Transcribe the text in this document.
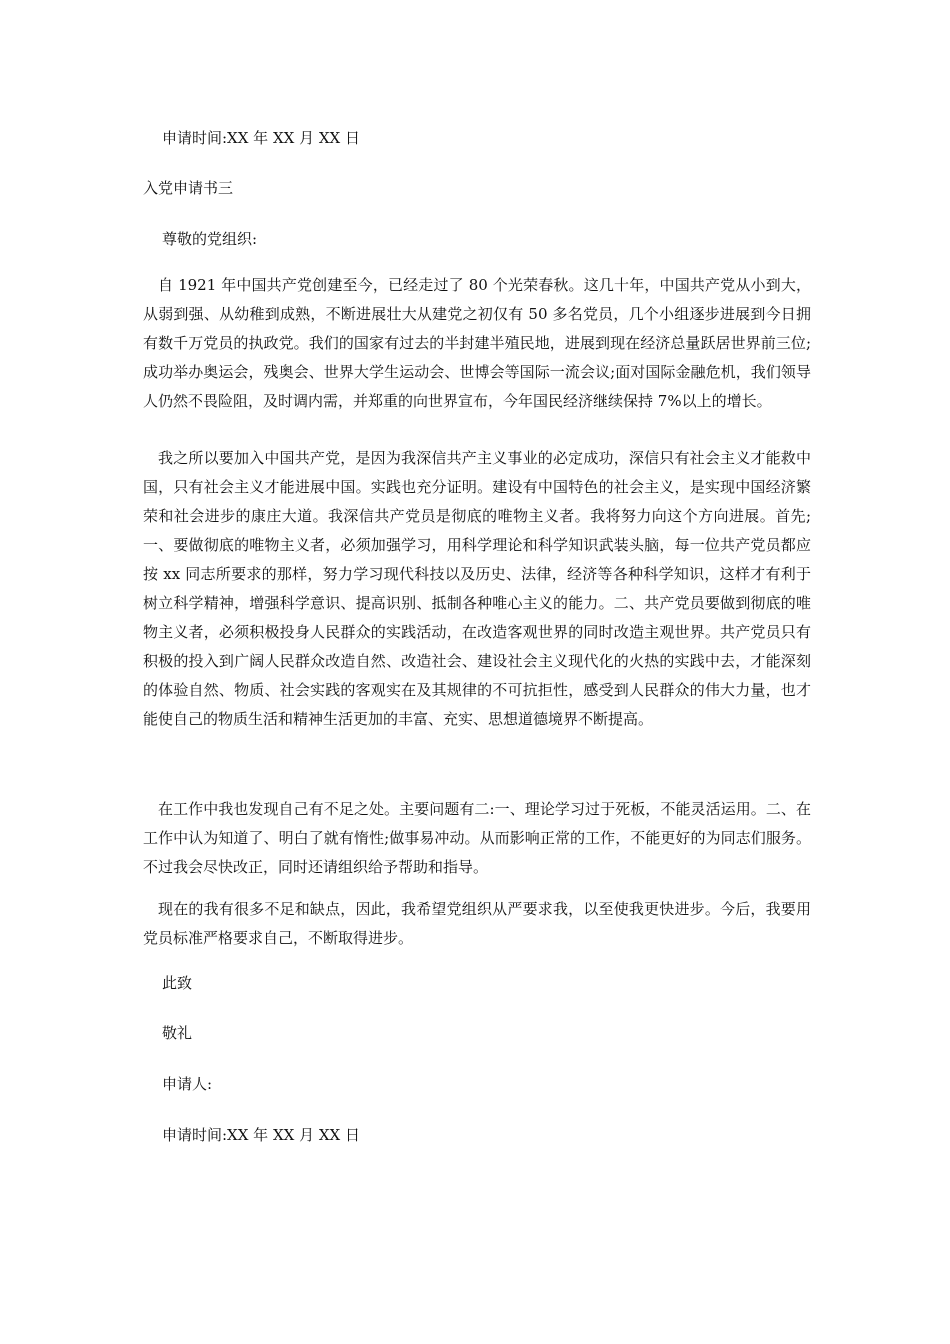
申请时间:XX 年 XX 月 XX 日
入党申请书三
尊敬的党组织:

自 1921 年中国共产党创建至今，已经走过了 80 个光荣春秋。这几十年，中国共产党从小到大，从弱到强、从幼稚到成熟，不断进展壮大从建党之初仅有 50 多名党员，几个小组逐步进展到今日拥有数千万党员的执政党。我们的国家有过去的半封建半殖民地，进展到现在经济总量跃居世界前三位;成功举办奥运会，残奥会、世界大学生运动会、世博会等国际一流会议;面对国际金融危机，我们领导人仍然不畏险阻，及时调内需，并郑重的向世界宣布，今年国民经济继续保持 7%以上的增长。

我之所以要加入中国共产党，是因为我深信共产主义事业的必定成功，深信只有社会主义才能救中国，只有社会主义才能进展中国。实践也充分证明。建设有中国特色的社会主义，是实现中国经济繁荣和社会进步的康庄大道。我深信共产党员是彻底的唯物主义者。我将努力向这个方向进展。首先;一、要做彻底的唯物主义者，必须加强学习，用科学理论和科学知识武装头脑，每一位共产党员都应按 xx 同志所要求的那样，努力学习现代科技以及历史、法律，经济等各种科学知识，这样才有利于树立科学精神，增强科学意识、提高识别、抵制各种唯心主义的能力。二、共产党员要做到彻底的唯物主义者，必须积极投身人民群众的实践活动，在改造客观世界的同时改造主观世界。共产党员只有积极的投入到广阔人民群众改造自然、改造社会、建设社会主义现代化的火热的实践中去，才能深刻的体验自然、物质、社会实践的客观实在及其规律的不可抗拒性，感受到人民群众的伟大力量，也才能使自己的物质生活和精神生活更加的丰富、充实、思想道德境界不断提高。

在工作中我也发现自己有不足之处。主要问题有二:一、理论学习过于死板，不能灵活运用。二、在工作中认为知道了、明白了就有惰性;做事易冲动。从而影响正常的工作，不能更好的为同志们服务。不过我会尽快改正，同时还请组织给予帮助和指导。

现在的我有很多不足和缺点，因此，我希望党组织从严要求我，以至使我更快进步。今后，我要用党员标准严格要求自己，不断取得进步。

此致
敬礼
申请人:
申请时间:XX 年 XX 月 XX 日
